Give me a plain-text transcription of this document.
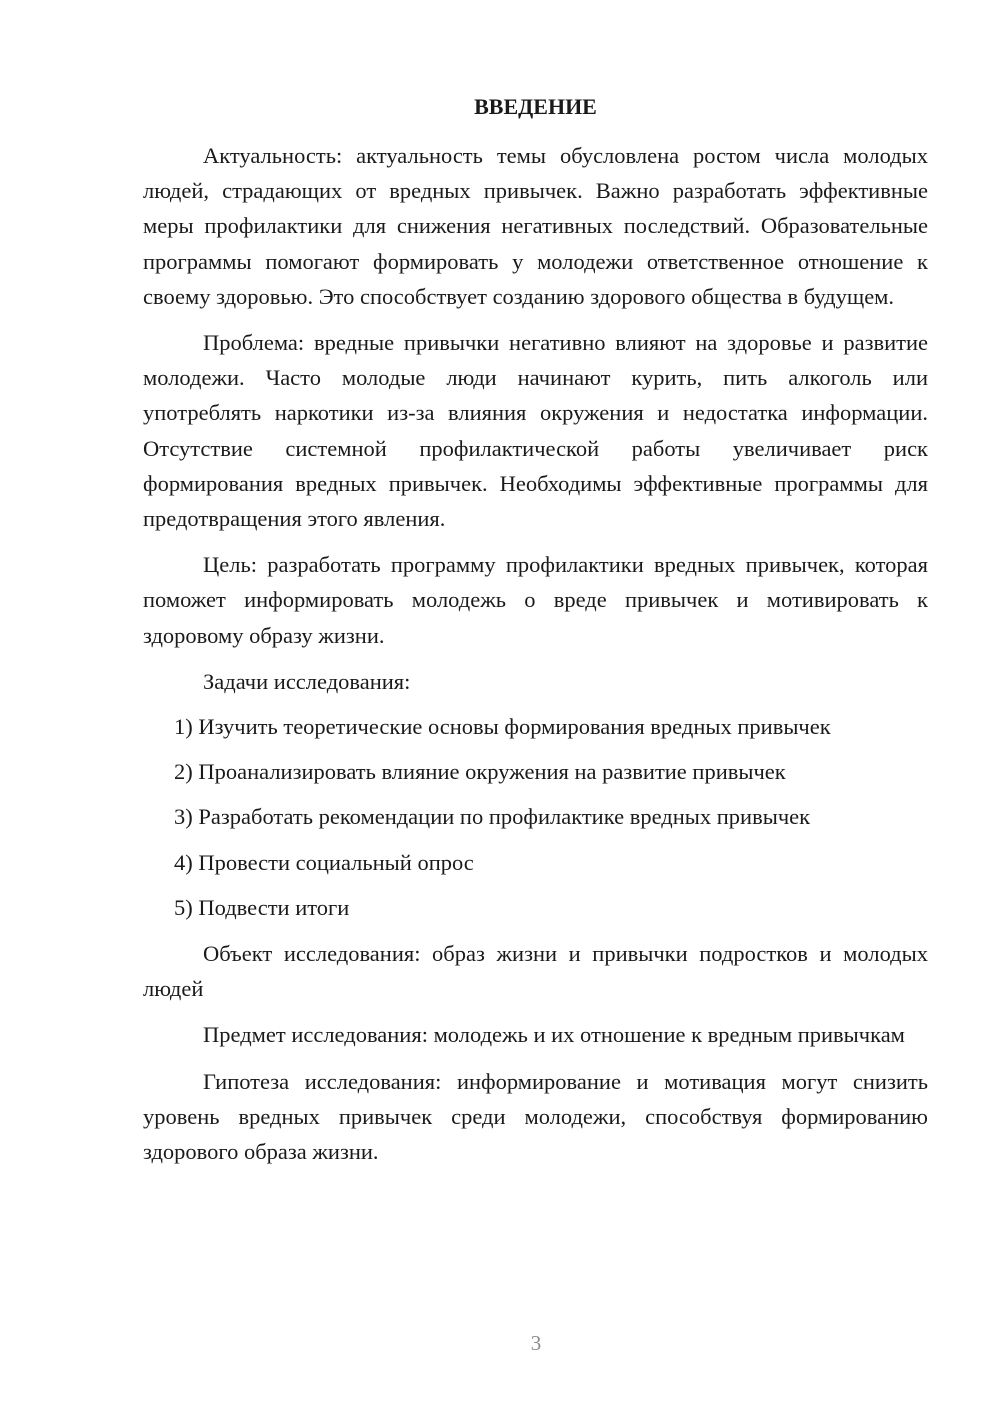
ВВЕДЕНИЕ

Актуальность: актуальность темы обусловлена ростом числа молодых людей, страдающих от вредных привычек. Важно разработать эффективные меры профилактики для снижения негативных последствий. Образовательные программы помогают формировать у молодежи ответственное отношение к своему здоровью. Это способствует созданию здорового общества в будущем.

Проблема: вредные привычки негативно влияют на здоровье и развитие молодежи. Часто молодые люди начинают курить, пить алкоголь или употреблять наркотики из-за влияния окружения и недостатка информации. Отсутствие системной профилактической работы увеличивает риск формирования вредных привычек. Необходимы эффективные программы для предотвращения этого явления.

Цель: разработать программу профилактики вредных привычек, которая поможет информировать молодежь о вреде привычек и мотивировать к здоровому образу жизни.

Задачи исследования:

1) Изучить теоретические основы формирования вредных привычек
2) Проанализировать влияние окружения на развитие привычек
3) Разработать рекомендации по профилактике вредных привычек
4) Провести социальный опрос
5) Подвести итоги

Объект исследования: образ жизни и привычки подростков и молодых людей

Предмет исследования: молодежь и их отношение к вредным привычкам

Гипотеза исследования: информирование и мотивация могут снизить уровень вредных привычек среди молодежи, способствуя формированию здорового образа жизни.

3
